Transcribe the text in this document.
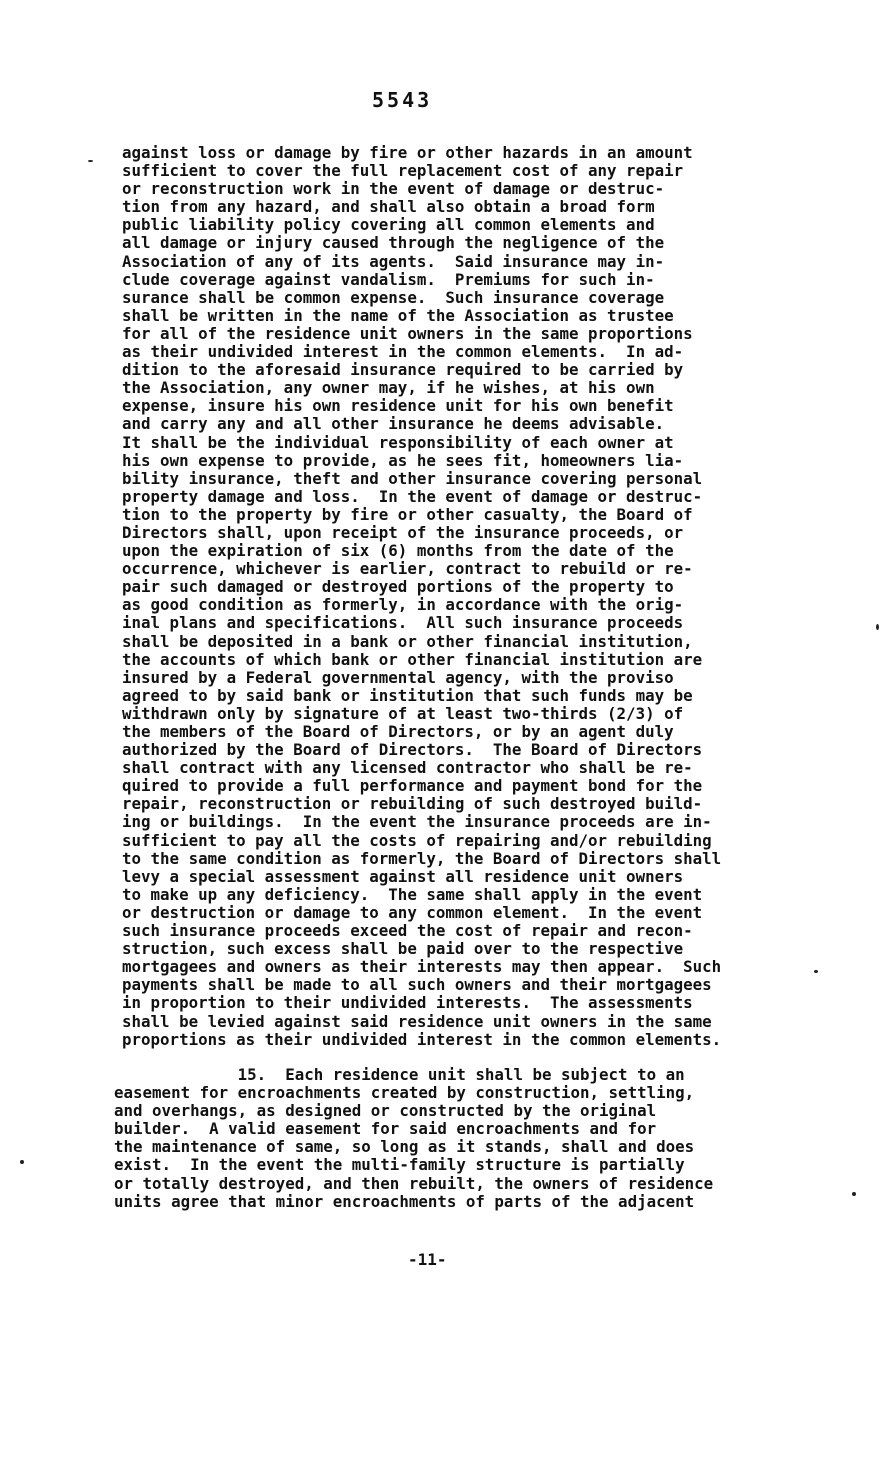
5543
against loss or damage by fire or other hazards in an amount
sufficient to cover the full replacement cost of any repair
or reconstruction work in the event of damage or destruc-
tion from any hazard, and shall also obtain a broad form
public liability policy covering all common elements and
all damage or injury caused through the negligence of the
Association of any of its agents.  Said insurance may in-
clude coverage against vandalism.  Premiums for such in-
surance shall be common expense.  Such insurance coverage
shall be written in the name of the Association as trustee
for all of the residence unit owners in the same proportions
as their undivided interest in the common elements.  In ad-
dition to the aforesaid insurance required to be carried by
the Association, any owner may, if he wishes, at his own
expense, insure his own residence unit for his own benefit
and carry any and all other insurance he deems advisable.
It shall be the individual responsibility of each owner at
his own expense to provide, as he sees fit, homeowners lia-
bility insurance, theft and other insurance covering personal
property damage and loss.  In the event of damage or destruc-
tion to the property by fire or other casualty, the Board of
Directors shall, upon receipt of the insurance proceeds, or
upon the expiration of six (6) months from the date of the
occurrence, whichever is earlier, contract to rebuild or re-
pair such damaged or destroyed portions of the property to
as good condition as formerly, in accordance with the orig-
inal plans and specifications.  All such insurance proceeds
shall be deposited in a bank or other financial institution,
the accounts of which bank or other financial institution are
insured by a Federal governmental agency, with the proviso
agreed to by said bank or institution that such funds may be
withdrawn only by signature of at least two-thirds (2/3) of
the members of the Board of Directors, or by an agent duly
authorized by the Board of Directors.  The Board of Directors
shall contract with any licensed contractor who shall be re-
quired to provide a full performance and payment bond for the
repair, reconstruction or rebuilding of such destroyed build-
ing or buildings.  In the event the insurance proceeds are in-
sufficient to pay all the costs of repairing and/or rebuilding
to the same condition as formerly, the Board of Directors shall
levy a special assessment against all residence unit owners
to make up any deficiency.  The same shall apply in the event
or destruction or damage to any common element.  In the event
such insurance proceeds exceed the cost of repair and recon-
struction, such excess shall be paid over to the respective
mortgagees and owners as their interests may then appear.  Such
payments shall be made to all such owners and their mortgagees
in proportion to their undivided interests.  The assessments
shall be levied against said residence unit owners in the same
proportions as their undivided interest in the common elements.
15.  Each residence unit shall be subject to an
easement for encroachments created by construction, settling,
and overhangs, as designed or constructed by the original
builder.  A valid easement for said encroachments and for
the maintenance of same, so long as it stands, shall and does
exist.  In the event the multi-family structure is partially
or totally destroyed, and then rebuilt, the owners of residence
units agree that minor encroachments of parts of the adjacent
-11-
